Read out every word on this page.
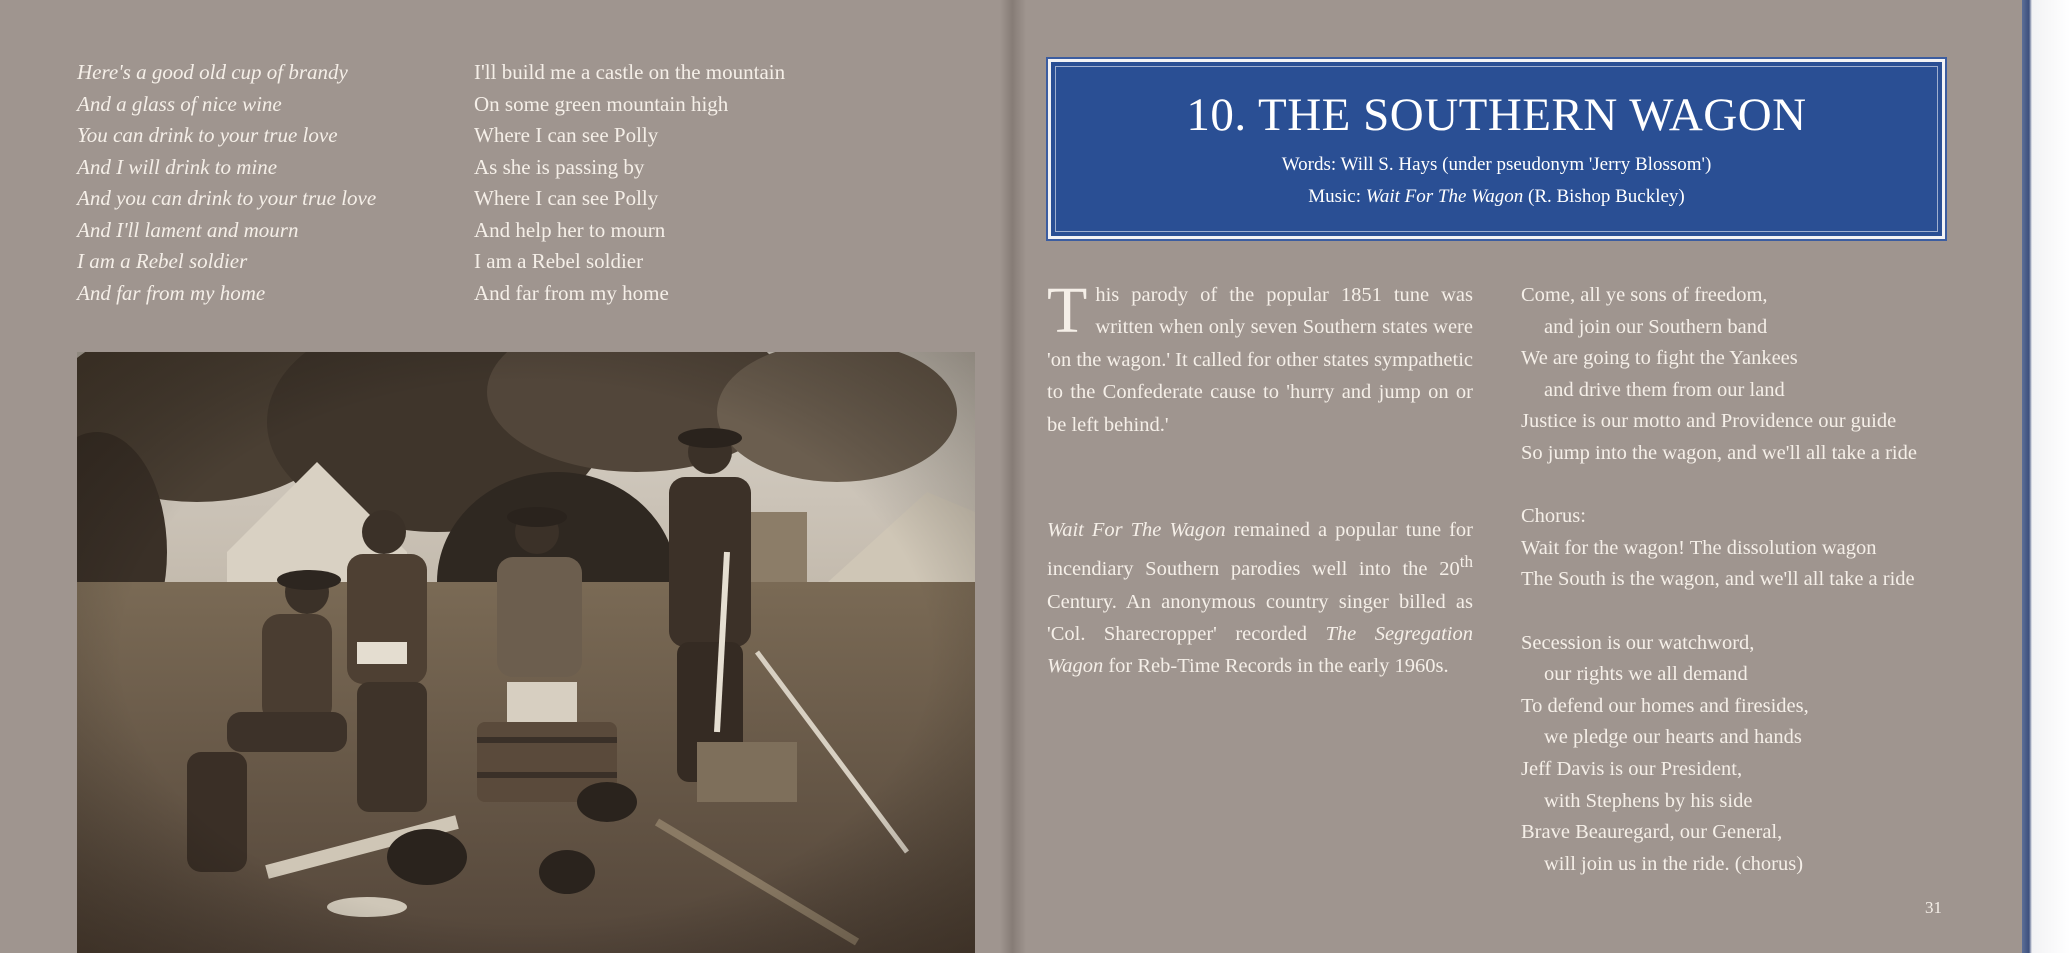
Here's a good old cup of brandy
And a glass of nice wine
You can drink to your true love
And I will drink to mine
And you can drink to your true love
And I'll lament and mourn
I am a Rebel soldier
And far from my home
I'll build me a castle on the mountain
On some green mountain high
Where I can see Polly
As she is passing by
Where I can see Polly
And help her to mourn
I am a Rebel soldier
And far from my home
10. THE SOUTHERN WAGON
Words: Will S. Hays (under pseudonym 'Jerry Blossom')
Music: Wait For The Wagon (R. Bishop Buckley)
This parody of the popular 1851 tune was written when only seven Southern states were 'on the wagon.' It called for other states sympathetic to the Confederate cause to 'hurry and jump on or be left behind.'
Wait For The Wagon remained a popular tune for incendiary Southern parodies well into the 20th Century. An anonymous country singer billed as 'Col. Sharecropper' recorded The Segregation Wagon for Reb-Time Records in the early 1960s.
Come, all ye sons of freedom,
and join our Southern band
We are going to fight the Yankees
and drive them from our land
Justice is our motto and Providence our guide
So jump into the wagon, and we'll all take a ride
Chorus:
Wait for the wagon! The dissolution wagon
The South is the wagon, and we'll all take a ride
Secession is our watchword,
our rights we all demand
To defend our homes and firesides,
we pledge our hearts and hands
Jeff Davis is our President,
with Stephens by his side
Brave Beauregard, our General,
will join us in the ride. (chorus)
31
